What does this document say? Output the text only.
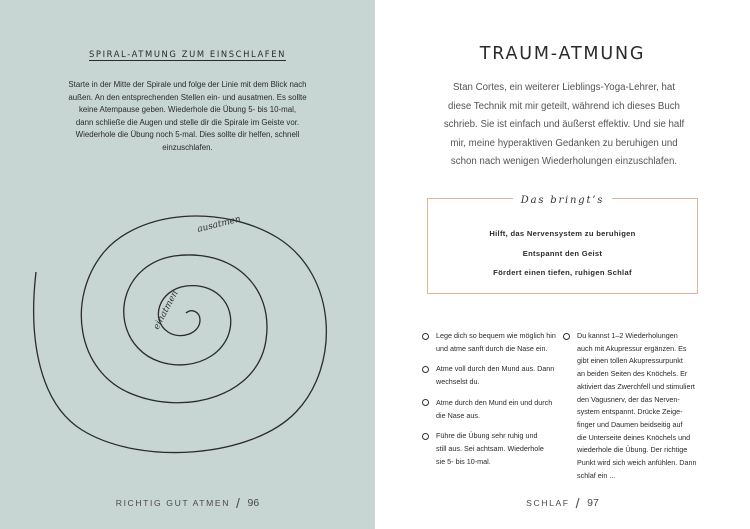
SPIRAL-ATMUNG ZUM EINSCHLAFEN
Starte in der Mitte der Spirale und folge der Linie mit dem Blick nach
außen. An den entsprechenden Stellen ein- und ausatmen. Es sollte
keine Atempause geben. Wiederhole die Übung 5- bis 10-mal,
dann schließe die Augen und stelle dir die Spirale im Geiste vor.
Wiederhole die Übung noch 5-mal. Dies sollte dir helfen, schnell
einzuschlafen.
ausatmen
einatmen
RICHTIG GUT ATMEN / 96
TRAUM-ATMUNG
Stan Cortes, ein weiterer Lieblings-Yoga-Lehrer, hat
diese Technik mit mir geteilt, während ich dieses Buch
schrieb. Sie ist einfach und äußerst effektiv. Und sie half
mir, meine hyperaktiven Gedanken zu beruhigen und
schon nach wenigen Wiederholungen einzuschlafen.
Das bringt’s
Hilft, das Nervensystem zu beruhigen
Entspannt den Geist
Fördert einen tiefen, ruhigen Schlaf
Lege dich so bequem wie möglich hin
und atme sanft durch die Nase ein.
Atme voll durch den Mund aus. Dann
wechselst du.
Atme durch den Mund ein und durch
die Nase aus.
Führe die Übung sehr ruhig und
still aus. Sei achtsam. Wiederhole
sie 5- bis 10-mal.
Du kannst 1–2 Wiederholungen
auch mit Akupressur ergänzen. Es
gibt einen tollen Akupressurpunkt
an beiden Seiten des Knöchels. Er
aktiviert das Zwerchfell und stimuliert
den Vagusnerv, der das Nerven-
system entspannt. Drücke Zeige-
finger und Daumen beidseitig auf
die Unterseite deines Knöchels und
wiederhole die Übung. Der richtige
Punkt wird sich weich anfühlen. Dann
schlaf ein ...
SCHLAF / 97
